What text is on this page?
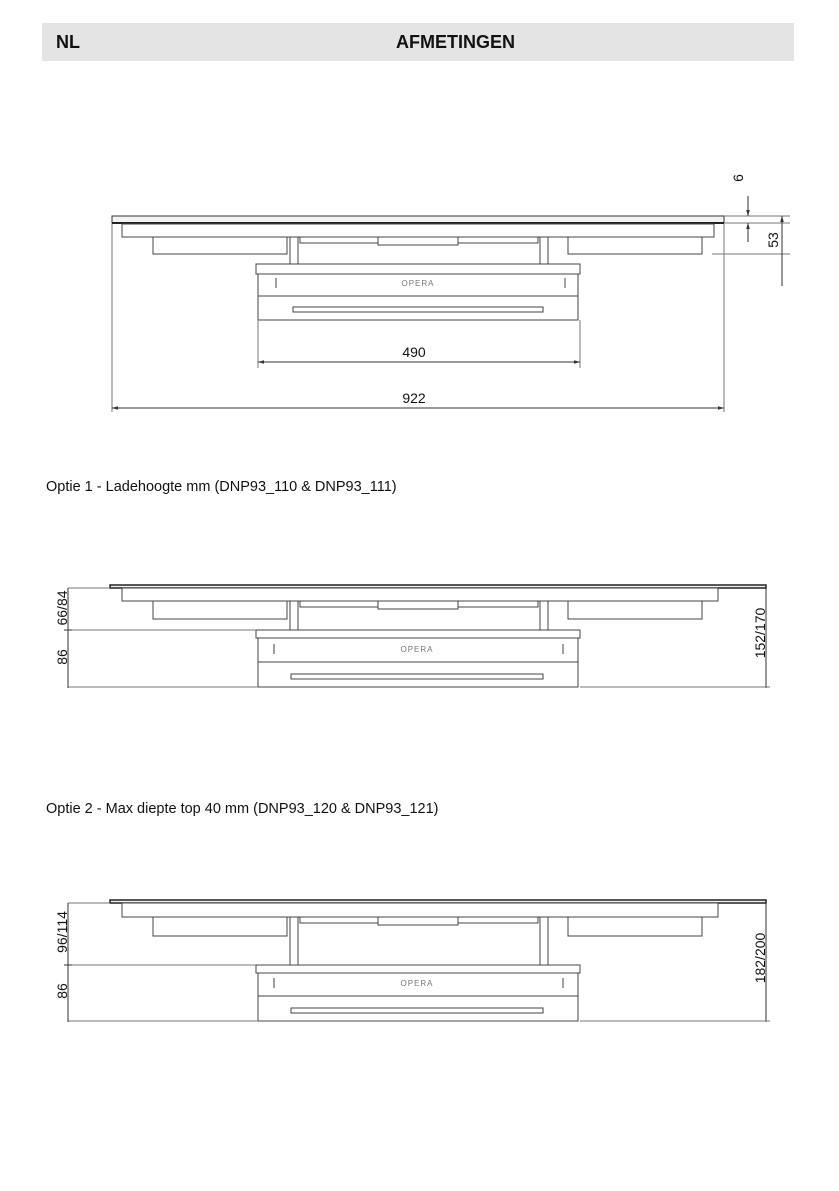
NL	AFMETINGEN
Optie 1 - Ladehoogte mm (DNP93_110 & DNP93_111)
Optie 2 - Max diepte top 40 mm (DNP93_120 & DNP93_121)
OPERA
490
922
6
53
OPERA
66/84
86	152/170
OPERA
96/114
86
182/200
